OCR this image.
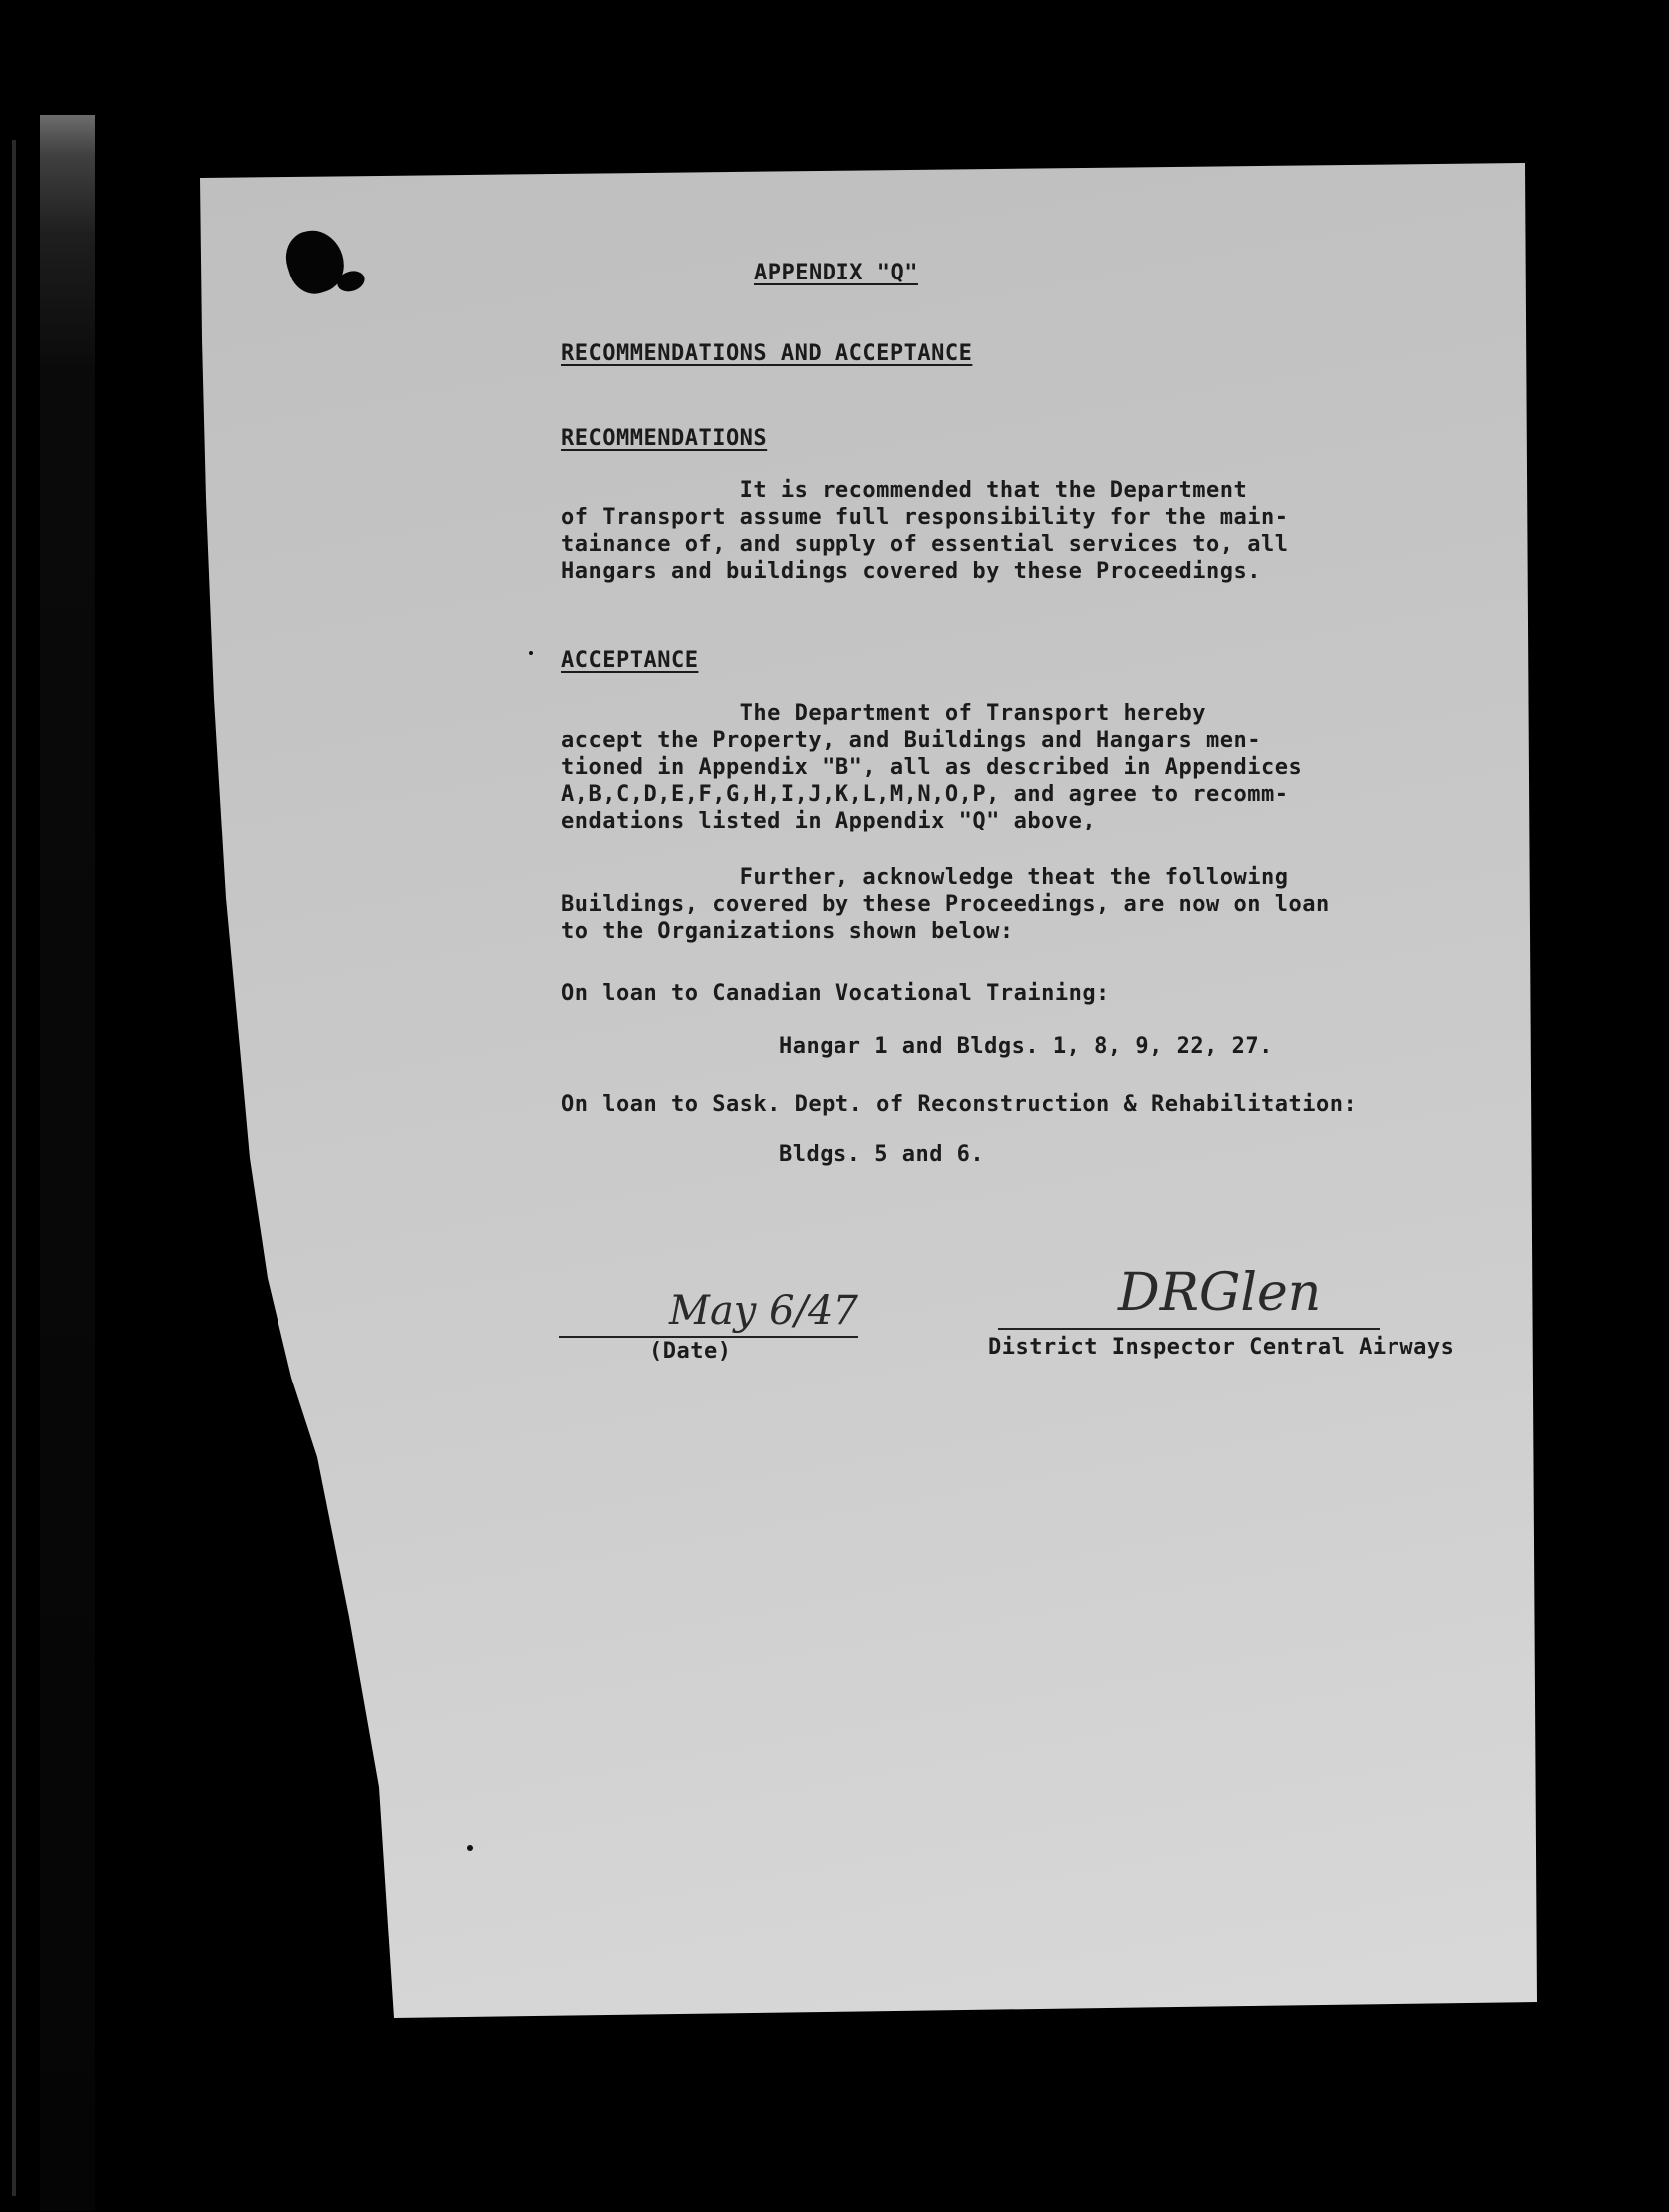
APPENDIX "Q"
RECOMMENDATIONS AND ACCEPTANCE
RECOMMENDATIONS
It is recommended that the Department
of Transport assume full responsibility for the main-
tainance of, and supply of essential services to, all
Hangars and buildings covered by these Proceedings.
ACCEPTANCE
The Department of Transport hereby
accept the Property, and Buildings and Hangars men-
tioned in Appendix "B", all as described in Appendices
A,B,C,D,E,F,G,H,I,J,K,L,M,N,O,P, and agree to recomm-
endations listed in Appendix "Q" above,
Further, acknowledge theat the following
Buildings, covered by these Proceedings, are now on loan
to the Organizations shown below:
On loan to Canadian Vocational Training:
Hangar 1 and Bldgs. 1, 8, 9, 22, 27.
On loan to Sask. Dept. of Reconstruction & Rehabilitation:
Bldgs. 5 and 6.
May 6/47
(Date)
DRGlen
District Inspector Central Airways
